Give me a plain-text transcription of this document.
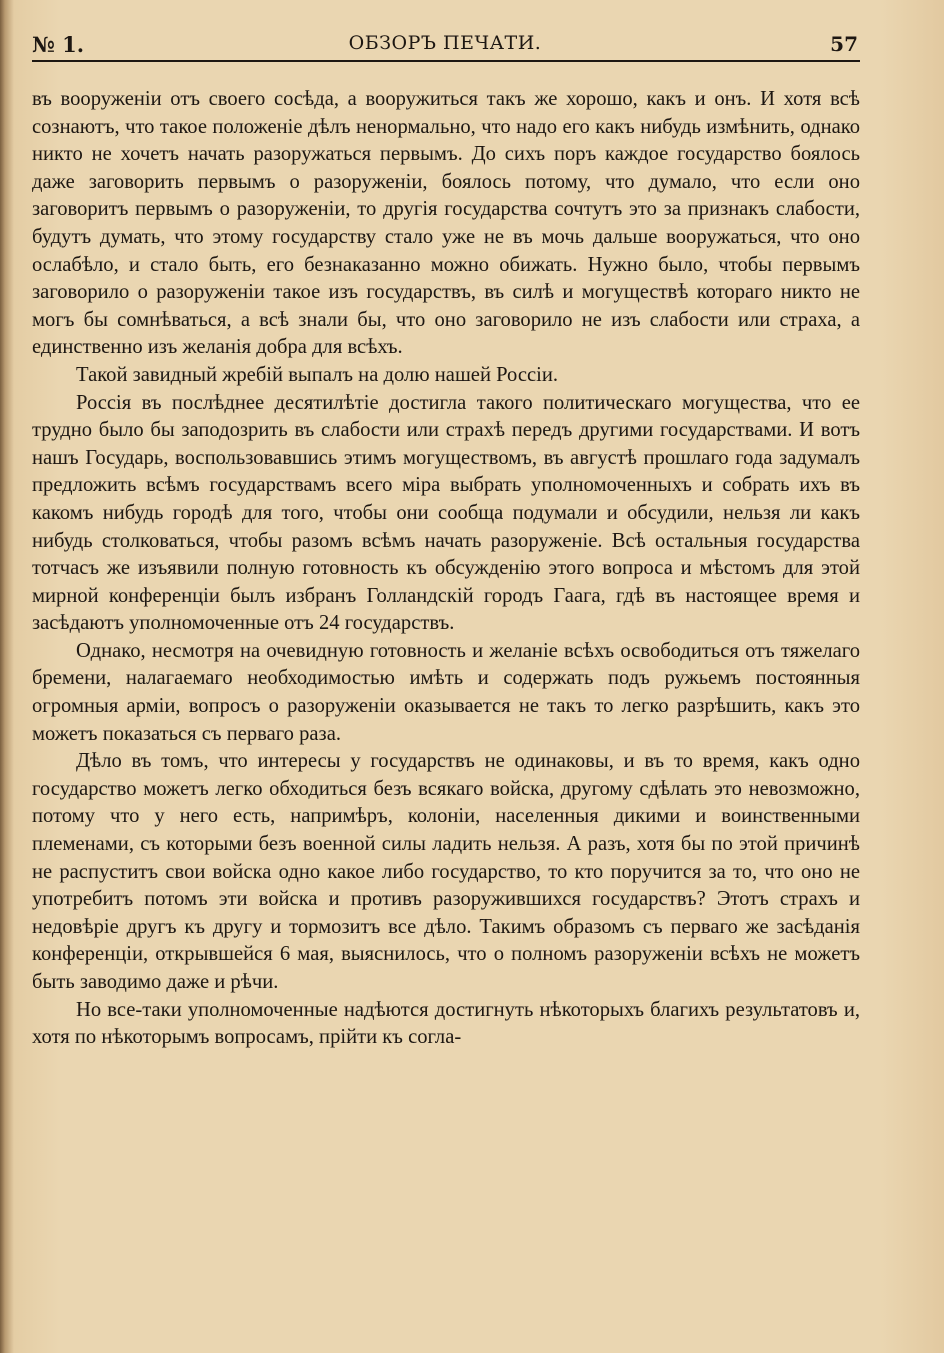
№ 1.	ОБЗОРЪ ПЕЧАТИ.	57

въ вооруженіи отъ своего сосѣда, а вооружиться такъ же хорошо, какъ и онъ. И хотя всѣ сознаютъ, что такое положеніе дѣлъ ненормально, что надо его какъ нибудь измѣнить, однако никто не хочетъ начать разоружаться первымъ. До сихъ поръ каждое государство боялось даже заговорить первымъ о разоруженіи, боялось потому, что думало, что если оно заговоритъ первымъ о разоруженіи, то другія государства сочтутъ это за признакъ слабости, будутъ думать, что этому государству стало уже не въ мочь дальше вооружаться, что оно ослабѣло, и стало быть, его безнаказанно можно обижать. Нужно было, чтобы первымъ заговорило о разоруженіи такое изъ государствъ, въ силѣ и могуществѣ котораго никто не могъ бы сомнѣваться, а всѣ знали бы, что оно заговорило не изъ слабости или страха, а единственно изъ желанія добра для всѣхъ.

Такой завидный жребій выпалъ на долю нашей Россіи.

Россія въ послѣднее десятилѣтіе достигла такого политическаго могущества, что ее трудно было бы заподозрить въ слабости или страхѣ передъ другими государствами. И вотъ нашъ Государь, воспользовавшись этимъ могуществомъ, въ августѣ прошлаго года задумалъ предложить всѣмъ государствамъ всего міра выбрать уполномоченныхъ и собрать ихъ въ какомъ нибудь городѣ для того, чтобы они сообща подумали и обсудили, нельзя ли какъ нибудь столковаться, чтобы разомъ всѣмъ начать разоруженіе. Всѣ остальныя государства тотчасъ же изъявили полную готовность къ обсужденію этого вопроса и мѣстомъ для этой мирной конференціи былъ избранъ Голландскій городъ Гаага, гдѣ въ настоящее время и засѣдаютъ уполномоченные отъ 24 государствъ.

Однако, несмотря на очевидную готовность и желаніе всѣхъ освободиться отъ тяжелаго бремени, налагаемаго необходимостью имѣть и содержать подъ ружьемъ постоянныя огромныя арміи, вопросъ о разоруженіи оказывается не такъ то легко разрѣшить, какъ это можетъ показаться съ перваго раза.

Дѣло въ томъ, что интересы у государствъ не одинаковы, и въ то время, какъ одно государство можетъ легко обходиться безъ всякаго войска, другому сдѣлать это невозможно, потому что у него есть, напримѣръ, колоніи, населенныя дикими и воинственными племенами, съ которыми безъ военной силы ладить нельзя. А разъ, хотя бы по этой причинѣ не распуститъ свои войска одно какое либо государство, то кто поручится за то, что оно не употребитъ потомъ эти войска и противъ разоружившихся государствъ? Этотъ страхъ и недовѣріе другъ къ другу и тормозитъ все дѣло. Такимъ образомъ съ перваго же засѣданія конференціи, открывшейся 6 мая, выяснилось, что о полномъ разоруженіи всѣхъ не можетъ быть заводимо даже и рѣчи.

Но все-таки уполномоченные надѣются достигнуть нѣкоторыхъ благихъ результатовъ и, хотя по нѣкоторымъ вопросамъ, прійти къ согла-
